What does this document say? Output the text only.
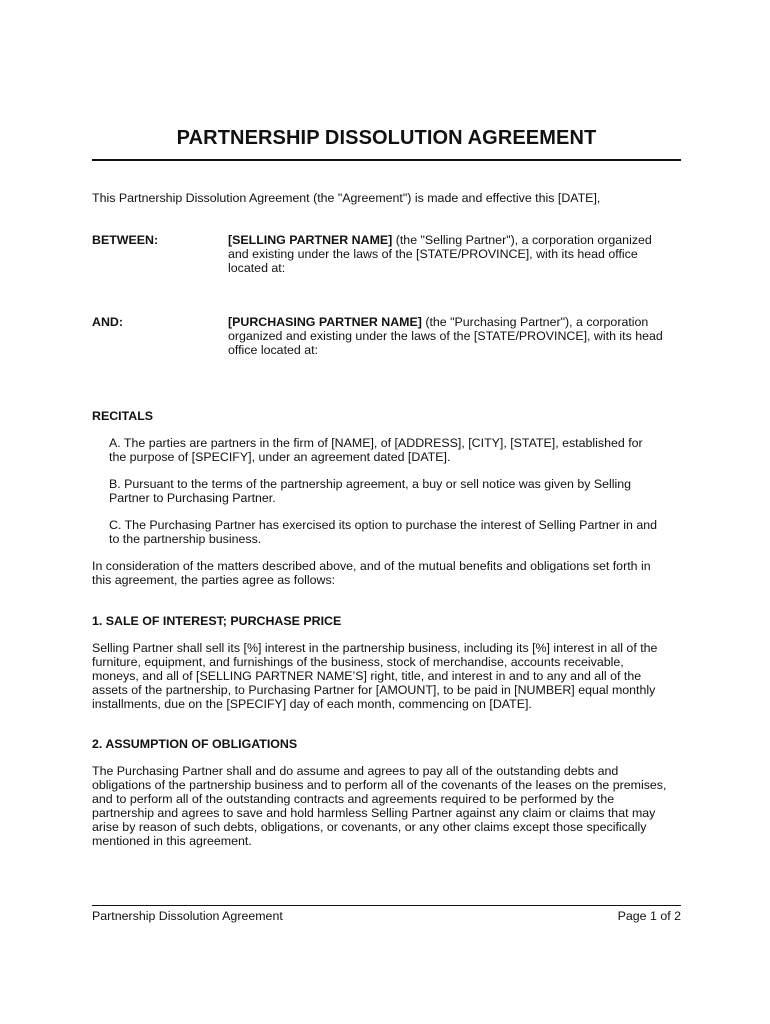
PARTNERSHIP DISSOLUTION AGREEMENT
This Partnership Dissolution Agreement (the "Agreement") is made and effective this [DATE],
BETWEEN:	[SELLING PARTNER NAME] (the "Selling Partner"), a corporation organized
and existing under the laws of the [STATE/PROVINCE], with its head office
located at:
AND:	[PURCHASING PARTNER NAME] (the "Purchasing Partner"), a corporation
organized and existing under the laws of the [STATE/PROVINCE], with its head
office located at:
RECITALS
A. The parties are partners in the firm of [NAME], of [ADDRESS], [CITY], [STATE], established for
the purpose of [SPECIFY], under an agreement dated [DATE].
B. Pursuant to the terms of the partnership agreement, a buy or sell notice was given by Selling
Partner to Purchasing Partner.
C. The Purchasing Partner has exercised its option to purchase the interest of Selling Partner in and
to the partnership business.
In consideration of the matters described above, and of the mutual benefits and obligations set forth in
this agreement, the parties agree as follows:
1. SALE OF INTEREST; PURCHASE PRICE
Selling Partner shall sell its [%] interest in the partnership business, including its [%] interest in all of the
furniture, equipment, and furnishings of the business, stock of merchandise, accounts receivable,
moneys, and all of [SELLING PARTNER NAME’S] right, title, and interest in and to any and all of the
assets of the partnership, to Purchasing Partner for [AMOUNT], to be paid in [NUMBER] equal monthly
installments, due on the [SPECIFY] day of each month, commencing on [DATE].
2. ASSUMPTION OF OBLIGATIONS
The Purchasing Partner shall and do assume and agrees to pay all of the outstanding debts and
obligations of the partnership business and to perform all of the covenants of the leases on the premises,
and to perform all of the outstanding contracts and agreements required to be performed by the
partnership and agrees to save and hold harmless Selling Partner against any claim or claims that may
arise by reason of such debts, obligations, or covenants, or any other claims except those specifically
mentioned in this agreement.
Partnership Dissolution Agreement	Page 1 of 2
